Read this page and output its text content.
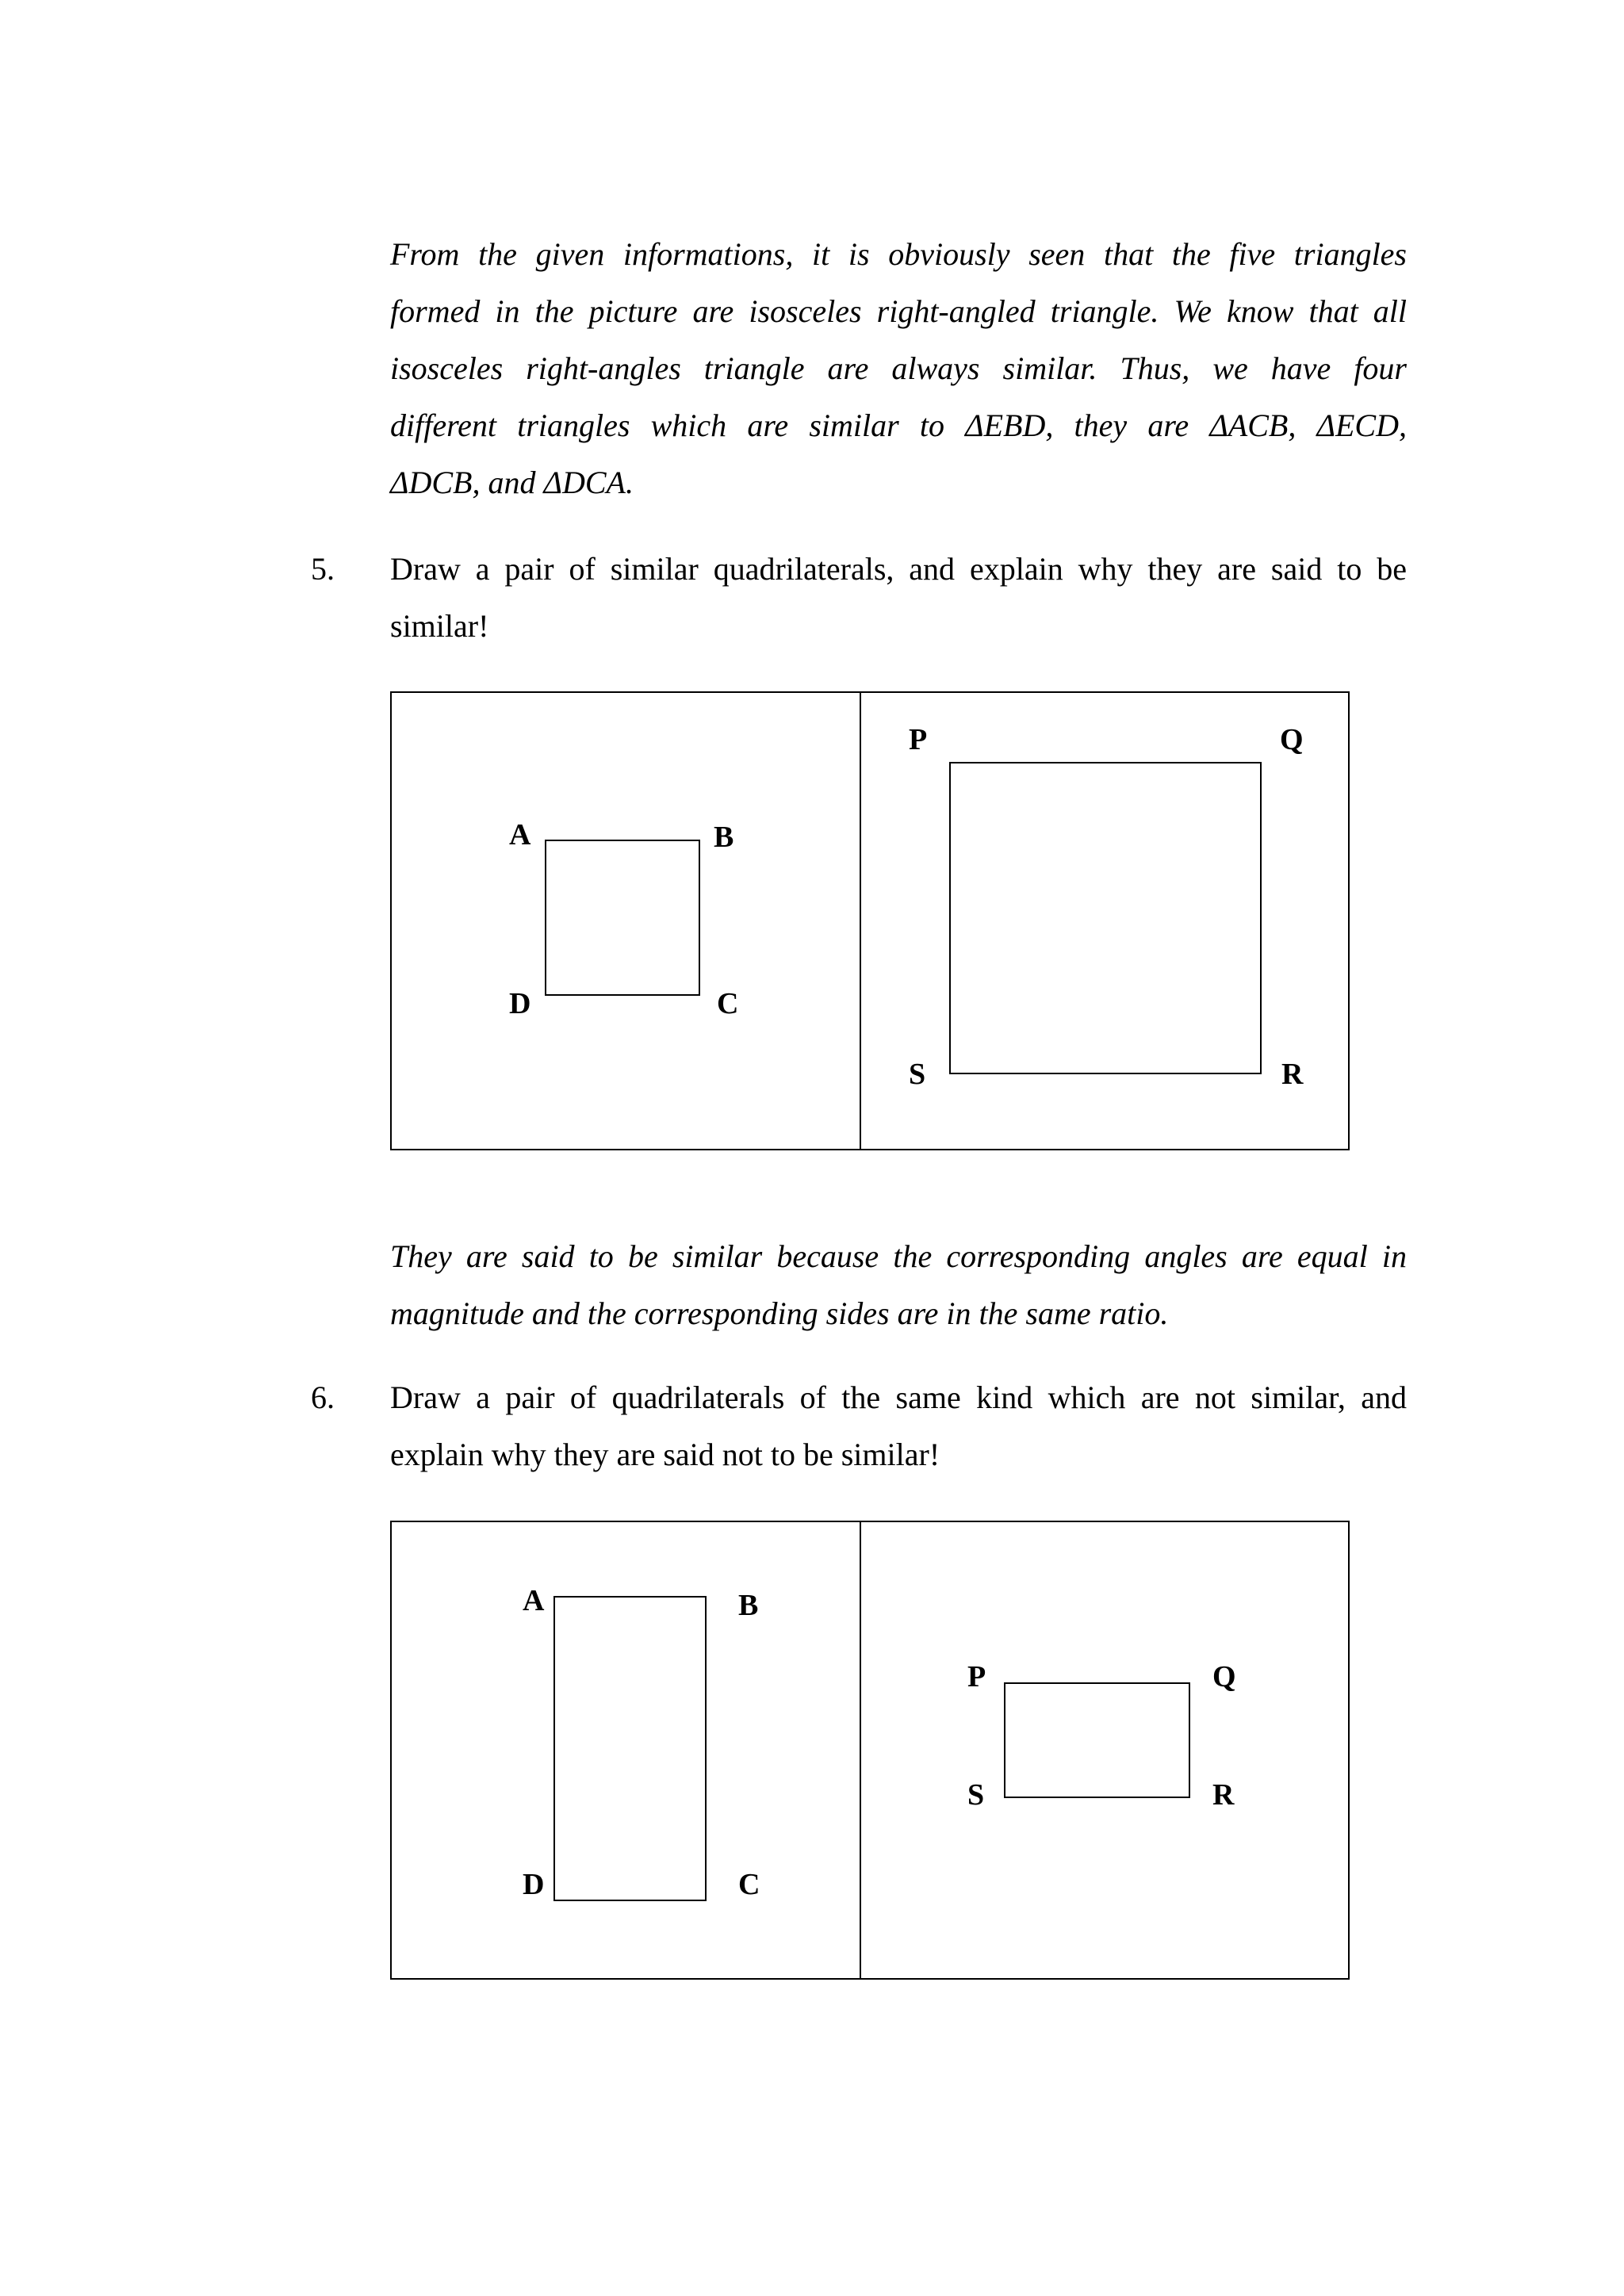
From the given informations, it is obviously seen that the five triangles
formed in the picture are isosceles right-angled triangle. We know that all
isosceles right-angles triangle are always similar. Thus, we have four
different triangles which are similar to ΔEBD, they are ΔACB, ΔECD,
ΔDCB, and ΔDCA.
5. Draw a pair of similar quadrilaterals, and explain why they are said to be
similar!
A	B
D	C
P	Q
S	R
They are said to be similar because the corresponding angles are equal in
magnitude and the corresponding sides are in the same ratio.
6. Draw a pair of quadrilaterals of the same kind which are not similar, and
explain why they are said not to be similar!
A	B
D	C
P	Q
S	R
